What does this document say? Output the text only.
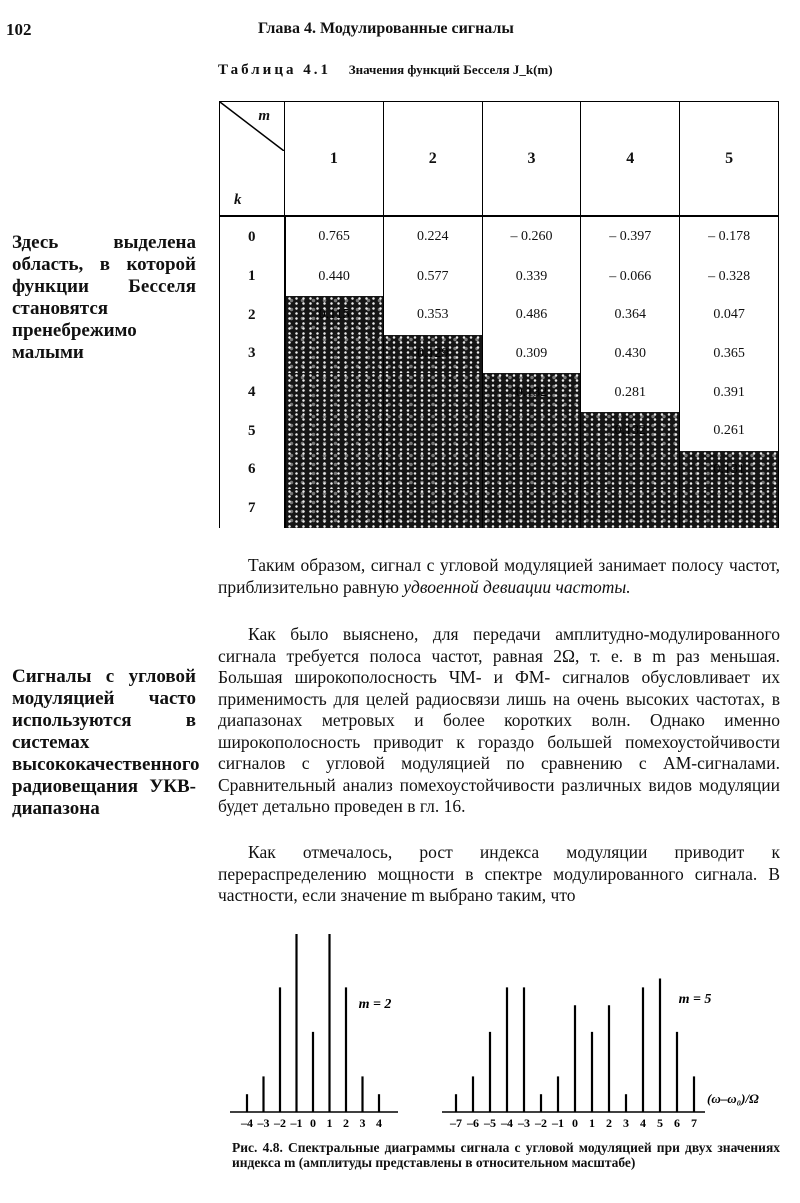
102	Глава 4. Модулированные сигналы
Таблица 4.1 Значения функций Бесселя J_k(m)
m
k	1	2	3	4	5
0	0.765	0.224	– 0.260	– 0.397	– 0.178
1	0.440	0.577	0.339	– 0.066	– 0.328
2	0.115	0.353	0.486	0.364	0.047
3		0.129	0.309	0.430	0.365
4			0.132	0.281	0.391
5				0.132	0.261
6					0.131
7					
Здесь выделена область, в которой функции Бесселя становятся пренебрежимо малыми
Сигналы с угловой модуляцией часто используются в системах высококачественного радиовещания УКВ-диапазона

Таким образом, сигнал с угловой модуляцией занимает полосу частот, приблизительно равную удвоенной девиации частоты.

Как было выяснено, для передачи амплитудно-модулированного сигнала требуется полоса частот, равная 2Ω, т. е. в m раз меньшая. Большая широкополосность ЧМ- и ФМ- сигналов обусловливает их применимость для целей радиосвязи лишь на очень высоких частотах, в диапазонах метровых и более коротких волн. Однако именно широкополосность приводит к гораздо большей помехоустойчивости сигналов с угловой модуляцией по сравнению с АМ-сигналами. Сравнительный анализ помехоустойчивости различных видов модуляции будет детально проведен в гл. 16.

Как отмечалось, рост индекса модуляции приводит к перераспределению мощности в спектре модулированного сигнала. В частности, если значение m выбрано таким, что

–4 –3 –2 –1 0 1 2 3 4
m = 2
–7 –6 –5 –4 –3 –2 –1 0 1 2 3 4 5 6 7
m = 5
(ω–ω₀)/Ω
Рис. 4.8. Спектральные диаграммы сигнала с угловой модуляцией при двух значениях индекса m (амплитуды представлены в относительном масштабе)
